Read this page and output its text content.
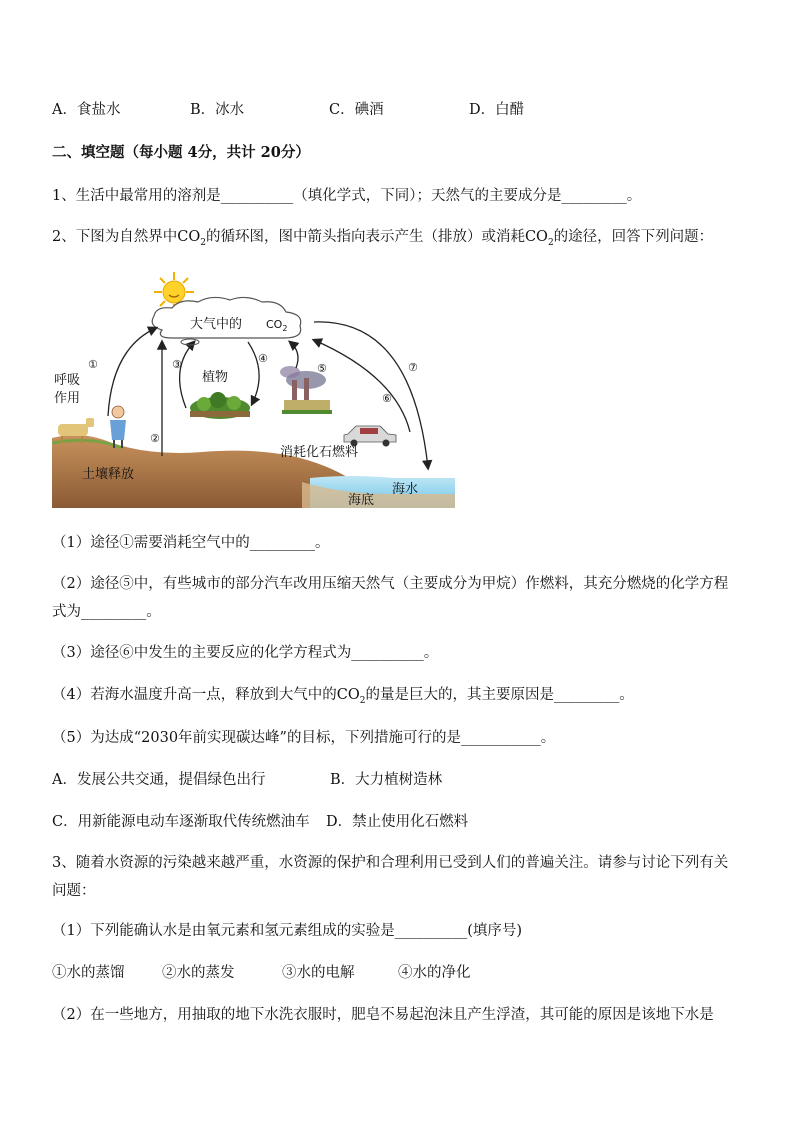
A．食盐水	B．冰水	C．碘酒	D．白醋
二、填空题（每小题 4分，共计 20分）
1、生活中最常用的溶剂是__________（填化学式，下同）；天然气的主要成分是_________。
2、下图为自然界中$CO_2$的循环图，图中箭头指向表示产生（排放）或消耗$CO_2$的途径，回答下列问题：
大气中的 $CO_2$
①
②
③	④
⑤
⑥
⑦
呼吸
作用
植物
消耗化石燃料
土壤释放
海水
海底
（1）途径①需要消耗空气中的_________。
（2）途径⑤中，有些城市的部分汽车改用压缩天然气（主要成分为甲烷）作燃料，其充分燃烧的化学方程
式为_________。
（3）途径⑥中发生的主要反应的化学方程式为__________。
（4）若海水温度升高一点，释放到大气中的$CO_2$的量是巨大的，其主要原因是_________。
（5）为达成“2030年前实现碳达峰”的目标，下列措施可行的是___________。
A．发展公共交通，提倡绿色出行	B．大力植树造林
C．用新能源电动车逐渐取代传统燃油车 D．禁止使用化石燃料
3、随着水资源的污染越来越严重，水资源的保护和合理利用已受到人们的普遍关注。请参与讨论下列有关
问题：
（1）下列能确认水是由氧元素和氢元素组成的实验是__________(填序号)
①水的蒸馏	②水的蒸发	③水的电解	④水的净化
（2）在一些地方，用抽取的地下水洗衣服时，肥皂不易起泡沫且产生浮渣，其可能的原因是该地下水是
